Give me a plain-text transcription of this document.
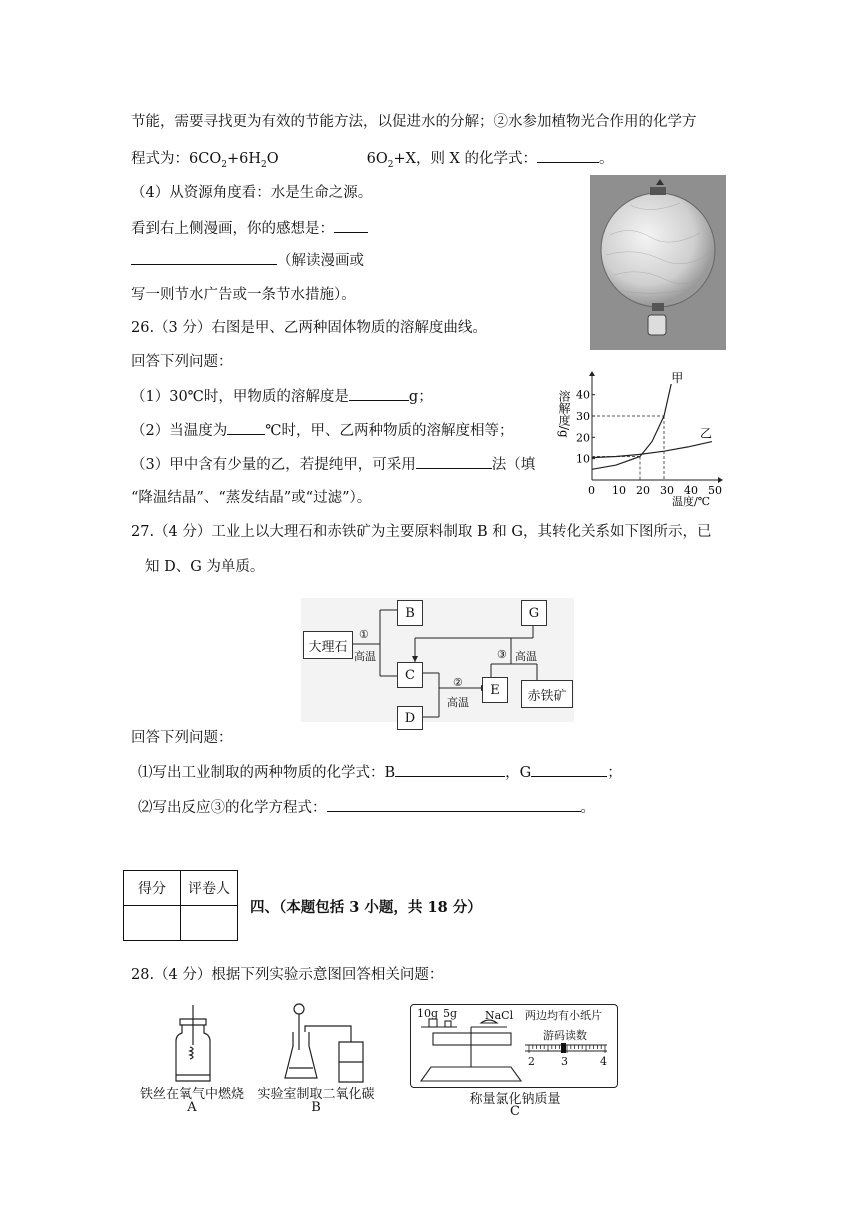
节能，需要寻找更为有效的节能方法，以促进水的分解；②水参加植物光合作用的化学方
程式为：$6CO_2+6H_2O$	$6O_2+X$，则 X 的化学式：	。
（4）从资源角度看：水是生命之源。
看到右上侧漫画，你的感想是：
（解读漫画或
写一则节水广告或一条节水措施）。
26.（3 分）右图是甲、乙两种固体物质的溶解度曲线。
回答下列问题：
（1）30℃时，甲物质的溶解度是	g；
（2）当温度为	℃时，甲、乙两种物质的溶解度相等；
（3）甲中含有少量的乙，若提纯甲，可采用	法（填
“降温结晶”、“蒸发结晶”或“过滤”）。
甲
乙
0 10 20 30 40 50
10
20
30
40
溶解度/g
温度/℃
27.（4 分）工业上以大理石和赤铁矿为主要原料制取 B 和 G，其转化关系如下图所示，已
知 D、G 为单质。
大理石
B
C
D
G
E	赤铁矿
①
高温
②
高温
③ 高温
回答下列问题：
⑴写出工业制取的两种物质的化学式：B	，G	；
⑵写出反应③的化学方程式：	。
得分	评卷人

四、（本题包括 3 小题，共 18 分）
28.（4 分）根据下列实验示意图回答相关问题：
铁丝在氧气中燃烧
A
实验室制取二氧化碳
B
10g 5g	NaCl 两边均有小纸片
游码读数
2 3	4
称量氯化钠质量
C
